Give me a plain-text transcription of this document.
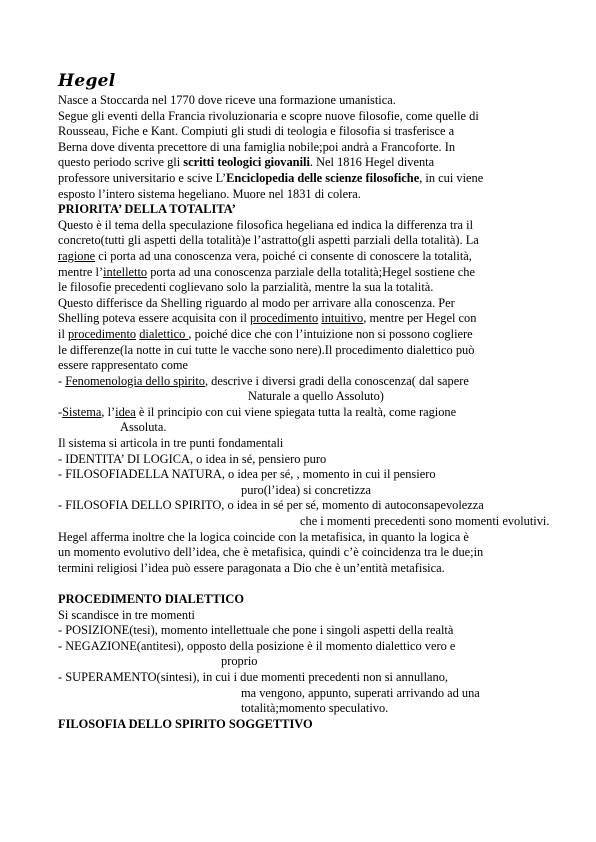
Hegel
Nasce a Stoccarda nel 1770 dove riceve una formazione umanistica.
Segue gli eventi della Francia rivoluzionaria e scopre nuove filosofie, come quelle di
Rousseau, Fiche e Kant. Compiuti gli studi di teologia e filosofia si trasferisce a
Berna dove diventa precettore di una famiglia nobile;poi andrà a Francoforte. In
questo periodo scrive gli scritti teologici giovanili. Nel 1816 Hegel diventa
professore universitario e scive L’Enciclopedia delle scienze filosofiche, in cui viene
esposto l’intero sistema hegeliano. Muore nel 1831 di colera.
PRIORITA’ DELLA TOTALITA’
Questo è il tema della speculazione filosofica hegeliana ed indica la differenza tra il
concreto(tutti gli aspetti della totalità)e l’astratto(gli aspetti parziali della totalità). La
ragione ci porta ad una conoscenza vera, poiché ci consente di conoscere la totalità,
mentre l’intelletto porta ad una conoscenza parziale della totalità;Hegel sostiene che
le filosofie precedenti coglievano solo la parzialità, mentre la sua la totalità.
Questo differisce da Shelling riguardo al modo per arrivare alla conoscenza. Per
Shelling poteva essere acquisita con il procedimento intuitivo, mentre per Hegel con
il procedimento dialettico , poiché dice che con l’intuizione non si possono cogliere
le differenze(la notte in cui tutte le vacche sono nere).Il procedimento dialettico può
essere rappresentato come
- Fenomenologia dello spirito, descrive i diversi gradi della conoscenza( dal sapere
Naturale a quello Assoluto)
-Sistema, l’idea è il principio con cui viene spiegata tutta la realtà, come ragione
Assoluta.
Il sistema si articola in tre punti fondamentali
- IDENTITA’ DI LOGICA, o idea in sé, pensiero puro
- FILOSOFIADELLA NATURA, o idea per sé, , momento in cui il pensiero
puro(l’idea) si concretizza
- FILOSOFIA DELLO SPIRITO, o idea in sé per sé, momento di autoconsapevolezza
che i momenti precedenti sono momenti evolutivi.
Hegel afferma inoltre che la logica coincide con la metafisica, in quanto la logica è
un momento evolutivo dell’idea, che è metafisica, quindi c’è coincidenza tra le due;in
termini religiosi l’idea può essere paragonata a Dio che è un’entità metafisica.
PROCEDIMENTO DIALETTICO
Si scandisce in tre momenti
- POSIZIONE(tesi), momento intellettuale che pone i singoli aspetti della realtà
- NEGAZIONE(antitesi), opposto della posizione è il momento dialettico vero e
proprio
- SUPERAMENTO(sintesi), in cui i due momenti precedenti non si annullano,
ma vengono, appunto, superati arrivando ad una
totalità;momento speculativo.
FILOSOFIA DELLO SPIRITO SOGGETTIVO
